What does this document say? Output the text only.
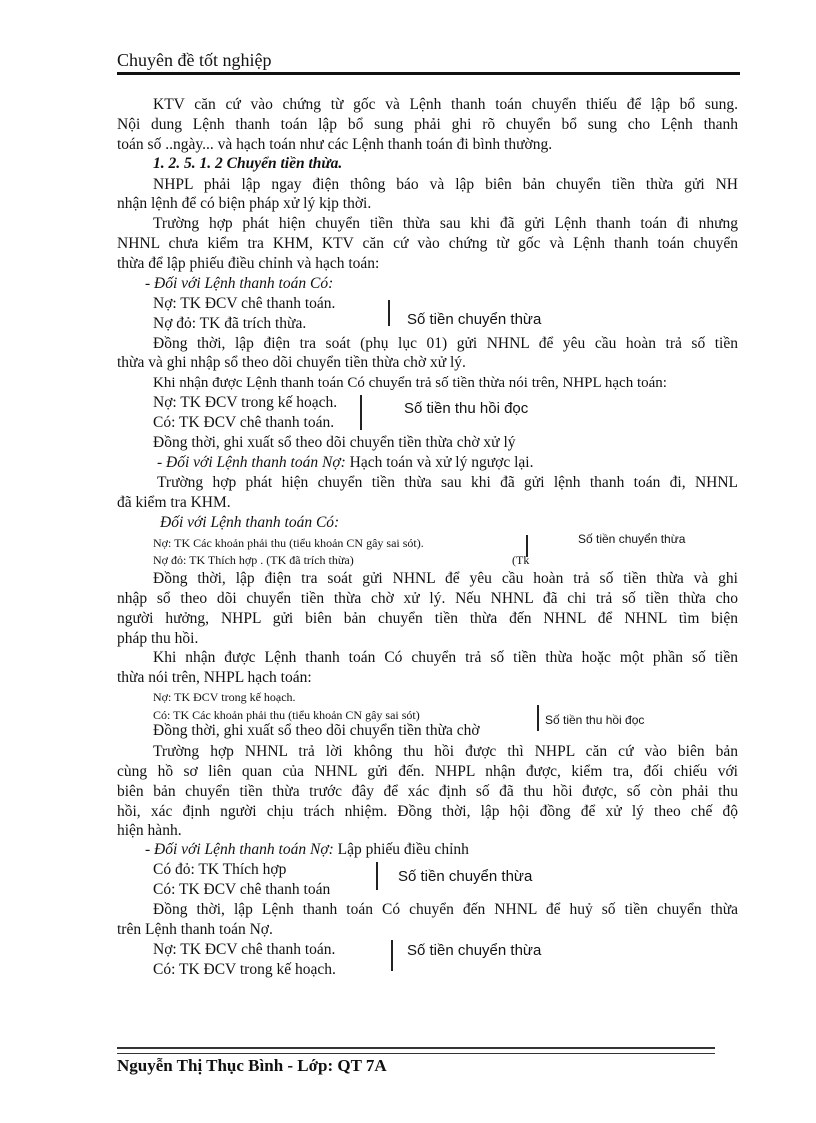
Chuyên đề tốt nghiệp
KTV căn cứ vào chứng từ gốc và Lệnh thanh toán chuyển thiếu để lập bổ sung.
Nội dung Lệnh thanh toán lập bổ sung phải ghi rõ chuyển bổ sung cho Lệnh thanh
toán số ..ngày... và hạch toán như các Lệnh thanh toán đi bình thường.
1. 2. 5. 1. 2 Chuyển tiền thừa.
NHPL phải lập ngay điện thông báo và lập biên bản chuyển tiền thừa gửi NH
nhận lệnh để có biện pháp xử lý kịp thời.
Trường hợp phát hiện chuyển tiền thừa sau khi đã gửi Lệnh thanh toán đi nhưng
NHNL chưa kiểm tra KHM, KTV căn cứ vào chứng từ gốc và Lệnh thanh toán chuyển
thừa để lập phiếu điều chỉnh và hạch toán:
- Đối với Lệnh thanh toán Có:
Nợ: TK ĐCV chê thanh toán.
Nợ đỏ: TK đã trích thừa.	Số tiền chuyển thừa
Đồng thời, lập điện tra soát (phụ lục 01) gửi NHNL để yêu cầu hoàn trả số tiền
thừa và ghi nhập sổ theo dõi chuyển tiền thừa chờ xử lý.
Khi nhận được Lệnh thanh toán Có chuyển trả số tiền thừa nói trên, NHPL hạch toán:
Nợ: TK ĐCV trong kế hoạch.
Có: TK ĐCV chê thanh toán.
Số tiền thu hồi đọc
Đồng thời, ghi xuất sổ theo dõi chuyển tiền thừa chờ xử lý
- Đối với Lệnh thanh toán Nợ: Hạch toán và xử lý ngược lại.
Trường hợp phát hiện chuyển tiền thừa sau khi đã gửi lệnh thanh toán đi, NHNL
đã kiểm tra KHM.
Đối với Lệnh thanh toán Có:
Nợ: TK Các khoản phải thu (tiểu khoản CN gây sai sót).
Nợ đỏ: TK Thích hợp . (TK đã trích thừa)	(Tk
Số tiền chuyển thừa
Đồng thời, lập điện tra soát gửi NHNL để yêu cầu hoàn trả số tiền thừa và ghi
nhập sổ theo dõi chuyển tiền thừa chờ xử lý. Nếu NHNL đã chi trả số tiền thừa cho
người hưởng, NHPL gửi biên bản chuyển tiền thừa đến NHNL để NHNL tìm biện
pháp thu hồi.
Khi nhận được Lệnh thanh toán Có chuyển trả số tiền thừa hoặc một phần số tiền
thừa nói trên, NHPL hạch toán:
Nợ: TK ĐCV trong kế hoạch.
Có: TK Các khoản phải thu (tiểu khoản CN gây sai sót)	Số tiền thu hồi đọc
Đồng thời, ghi xuất sổ theo dõi chuyển tiền thừa chờ
Trường hợp NHNL trả lời không thu hồi được thì NHPL căn cứ vào biên bản
cùng hồ sơ liên quan của NHNL gửi đến. NHPL nhận được, kiểm tra, đối chiếu với
biên bản chuyển tiền thừa trước đây để xác định số đã thu hồi được, số còn phải thu
hồi, xác định người chịu trách nhiệm. Đồng thời, lập hội đồng để xử lý theo chế độ
hiện hành.
- Đối với Lệnh thanh toán Nợ: Lập phiếu điều chỉnh
Có đỏ: TK Thích hợp
Có: TK ĐCV chê thanh toán
Số tiền chuyển thừa
Đồng thời, lập Lệnh thanh toán Có chuyển đến NHNL để huỷ số tiền chuyển thừa
trên Lệnh thanh toán Nợ.
Nợ: TK ĐCV chê thanh toán.
Có: TK ĐCV trong kế hoạch.
Số tiền chuyển thừa
Nguyễn Thị Thục Bình - Lớp: QT 7A
